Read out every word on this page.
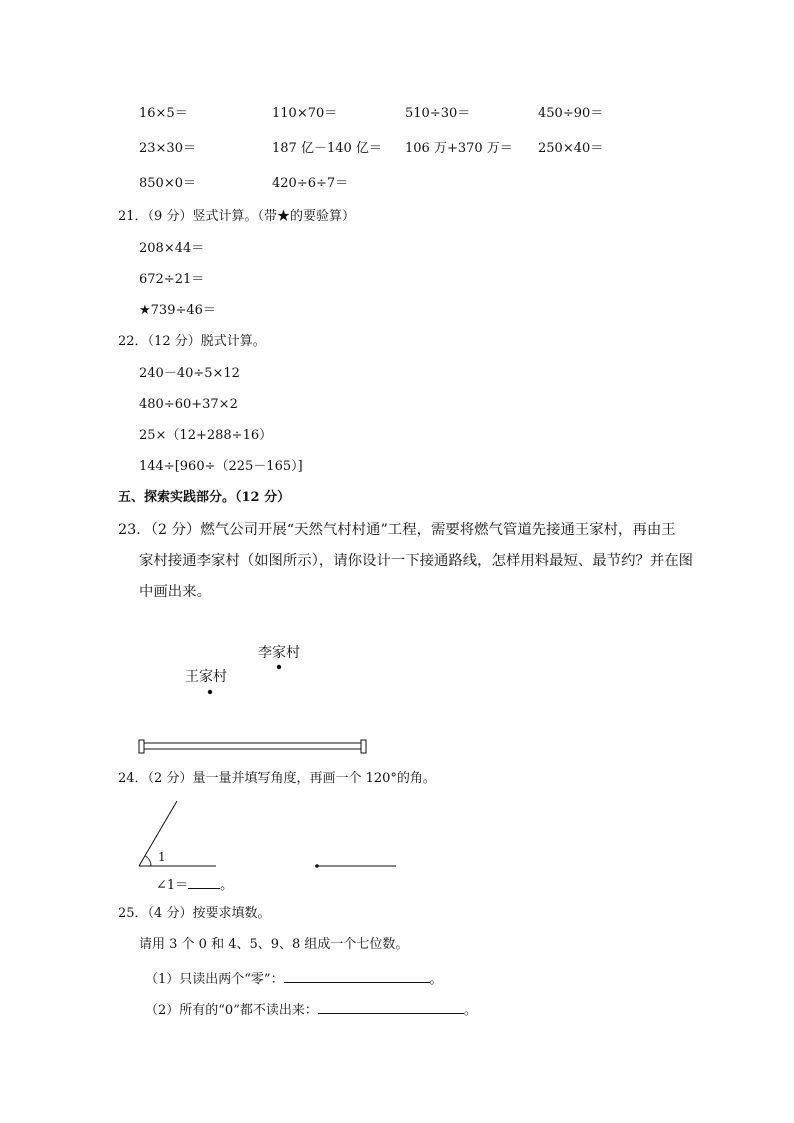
16×5＝	110×70＝	510÷30＝	450÷90＝
23×30＝	187 亿－140 亿＝ 106 万+370 万＝ 250×40＝
850×0＝	420÷6÷7＝
21．（9 分）竖式计算。（带★的要验算）
208×44＝
672÷21＝
★739÷46＝
22．（12 分）脱式计算。
240－40÷5×12
480÷60+37×2
25×（12+288÷16）
144÷[960÷（225－165）]
五、探索实践部分。（12 分）
23．（2 分）燃气公司开展“天然气村村通”工程，需要将燃气管道先接通王家村，再由王
家村接通李家村（如图所示），请你设计一下接通路线，怎样用料最短、最节约？并在图
中画出来。
李家村
王家村
24．（2 分）量一量并填写角度，再画一个 120°的角。
1
∠1＝ 。
25．（4 分）按要求填数。
请用 3 个 0 和 4、5、9、8 组成一个七位数。
（1）只读出两个“零”：	。
（2）所有的“0”都不读出来：	。
